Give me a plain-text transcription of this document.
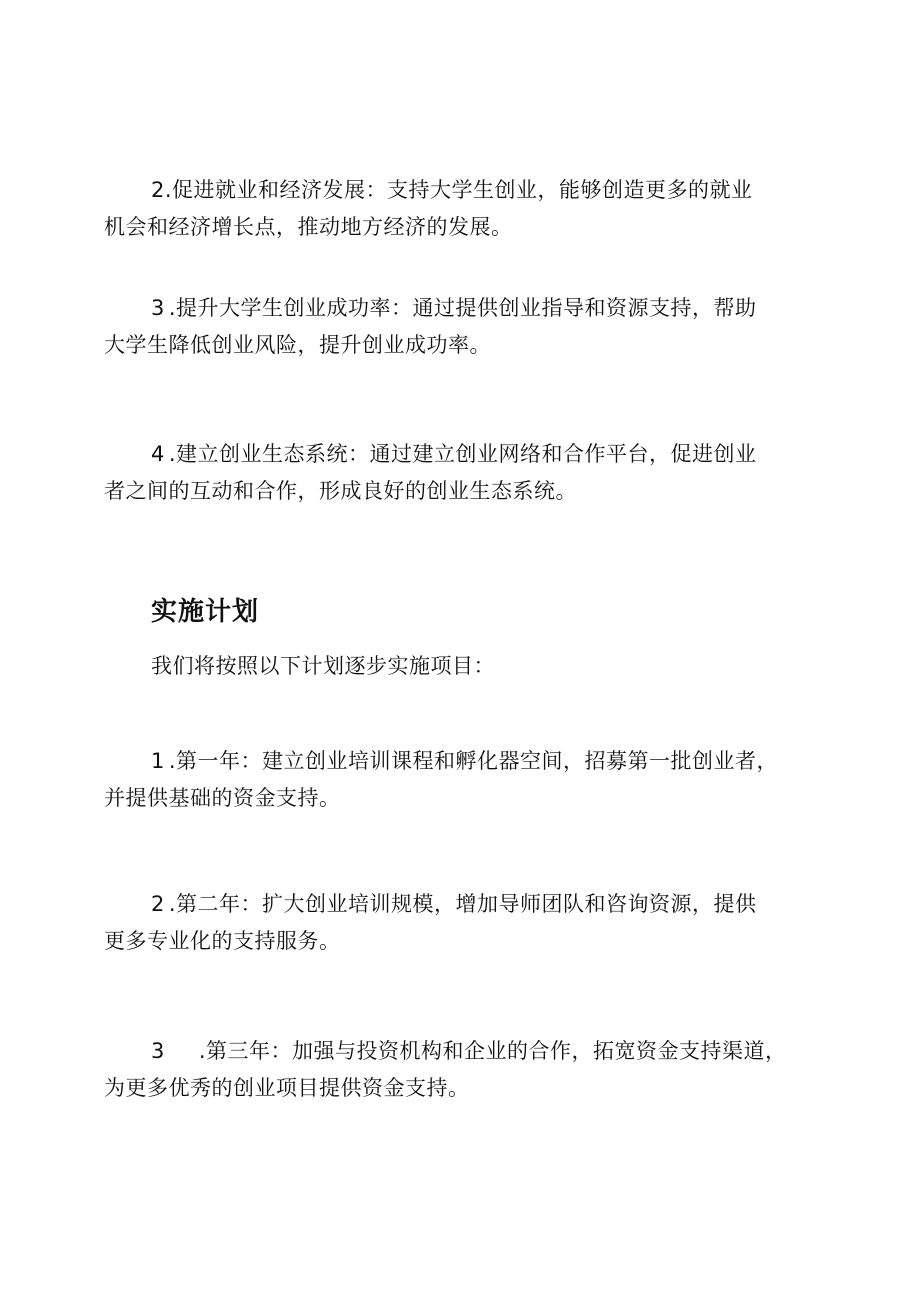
2.促进就业和经济发展：支持大学生创业，能够创造更多的就业
机会和经济增长点，推动地方经济的发展。
3 .提升大学生创业成功率：通过提供创业指导和资源支持，帮助
大学生降低创业风险，提升创业成功率。
4 .建立创业生态系统：通过建立创业网络和合作平台，促进创业
者之间的互动和合作，形成良好的创业生态系统。
实施计划
我们将按照以下计划逐步实施项目：
1 .第一年：建立创业培训课程和孵化器空间，招募第一批创业者，
并提供基础的资金支持。
2 .第二年：扩大创业培训规模，增加导师团队和咨询资源，提供
更多专业化的支持服务。
3 .第三年：加强与投资机构和企业的合作，拓宽资金支持渠道，
为更多优秀的创业项目提供资金支持。
